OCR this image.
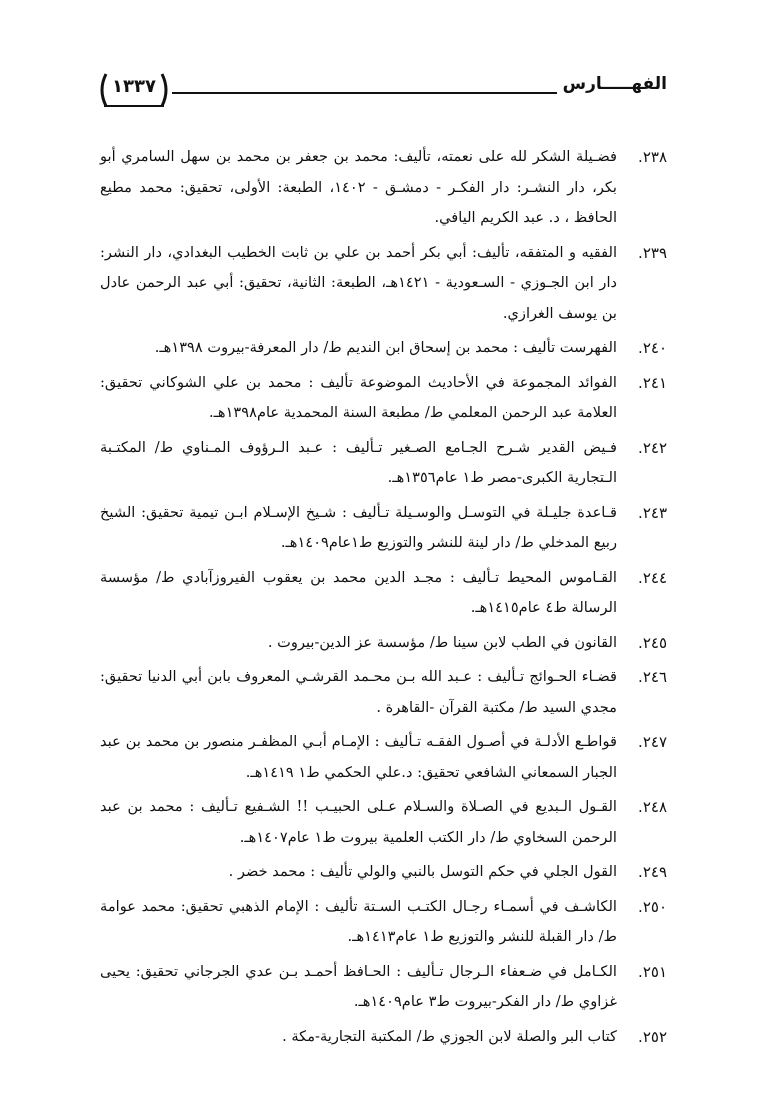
الفهـــــارس
١٣٣٧
٢٣٨.
فضـيلة الشكر لله على نعمته، تأليف: محمد بن جعفر بن محمد بن سهل السامري أبو بكر، دار النشـر: دار الفكـر - دمشـق - ١٤٠٢، الطبعة: الأولى، تحقيق: محمد مطيع الحافظ ، د. عبد الكريم اليافي.
٢٣٩.
الفقيه و المتفقه، تأليف: أبي بكر أحمد بن علي بن ثابت الخطيب البغدادي، دار النشر: دار ابن الجـوزي - السـعودية - ١٤٢١هـ، الطبعة: الثانية، تحقيق: أبي عبد الرحمن عادل بن يوسف الغرازي.
٢٤٠.
الفهرست تأليف : محمد بن إسحاق ابن النديم ط/ دار المعرفة-بيروت ١٣٩٨هـ.
٢٤١.
الفوائد المجموعة في الأحاديث الموضوعة تأليف : محمد بن علي الشوكاني تحقيق: العلامة عبد الرحمن المعلمي ط/ مطبعة السنة المحمدية عام١٣٩٨هـ.
٢٤٢.
فـيض القدير شـرح الجـامع الصـغير تـأليف : عـبد الـرؤوف المـناوي ط/ المكتـبة الـتجارية الكبرى-مصر ط١ عام١٣٥٦هـ.
٢٤٣.
قـاعدة جليـلة في التوسـل والوسـيلة تـأليف : شـيخ الإسـلام ابـن تيمية تحقيق: الشيخ ربيع المدخلي ط/ دار لينة للنشر والتوزيع ط١عام١٤٠٩هـ.
٢٤٤.
القـاموس المحيط تـأليف : مجـد الدين محمد بن يعقوب الفيروزآبادي ط/ مؤسسة الرسالة ط٤ عام١٤١٥هـ.
٢٤٥.
القانون في الطب لابن سينا ط/ مؤسسة عز الدين-بيروت .
٢٤٦.
قضـاء الحـوائج تـأليف : عـبد الله بـن محـمد القرشـي المعروف بابن أبي الدنيا تحقيق: مجدي السيد ط/ مكتبة القرآن -القاهرة .
٢٤٧.
قواطـع الأدلـة في أصـول الفقـه تـأليف : الإمـام أبـي المظفـر منصور بن محمد بن عبد الجبار السمعاني الشافعي تحقيق: د.علي الحكمي ط١ ١٤١٩هـ.
٢٤٨.
القـول الـبديع في الصـلاة والسـلام عـلى الحبيـب !! الشـفيع تـأليف : محمد بن عبد الرحمن السخاوي ط/ دار الكتب العلمية بيروت ط١ عام١٤٠٧هـ.
٢٤٩.
القول الجلي في حكم التوسل بالنبي والولي تأليف : محمد خضر .
٢٥٠.
الكاشـف في أسمـاء رجـال الكتـب السـتة تأليف : الإمام الذهبي تحقيق: محمد عوامة ط/ دار القبلة للنشر والتوزيع ط١ عام١٤١٣هـ.
٢٥١.
الكـامل في ضـعفاء الـرجال تـأليف : الحـافظ أحمـد بـن عدي الجرجاني تحقيق: يحيى غزاوي ط/ دار الفكر-بيروت ط٣ عام١٤٠٩هـ.
٢٥٢.
كتاب البر والصلة لابن الجوزي ط/ المكتبة التجارية-مكة .
